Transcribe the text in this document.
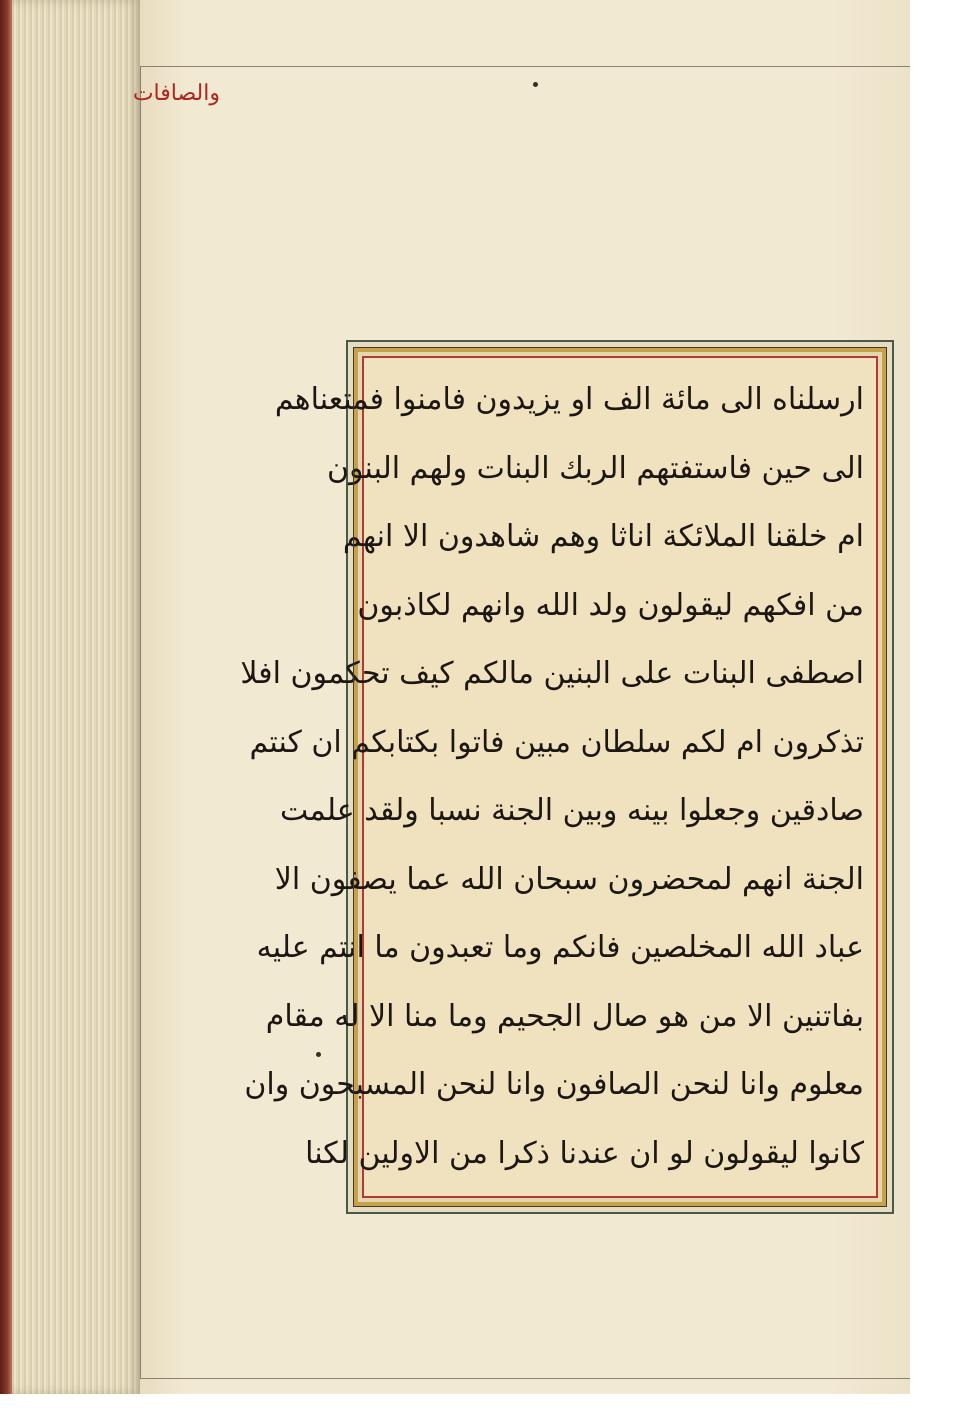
والصافات
ارسلناه الى مائة الف او يزيدون فامنوا فمتعناهم
الى حين فاستفتهم الربك البنات ولهم البنون
ام خلقنا الملائكة اناثا وهم شاهدون الا انهم
من افكهم ليقولون ولد الله وانهم لكاذبون
اصطفى البنات على البنين مالكم كيف تحكمون افلا
تذكرون ام لكم سلطان مبين فاتوا بكتابكم ان كنتم
صادقين وجعلوا بينه وبين الجنة نسبا ولقد علمت
الجنة انهم لمحضرون سبحان الله عما يصفون الا
عباد الله المخلصين فانكم وما تعبدون ما انتم عليه
بفاتنين الا من هو صال الجحيم وما منا الا له مقام
معلوم وانا لنحن الصافون وانا لنحن المسبحون وان
كانوا ليقولون لو ان عندنا ذكرا من الاولين لكنا
